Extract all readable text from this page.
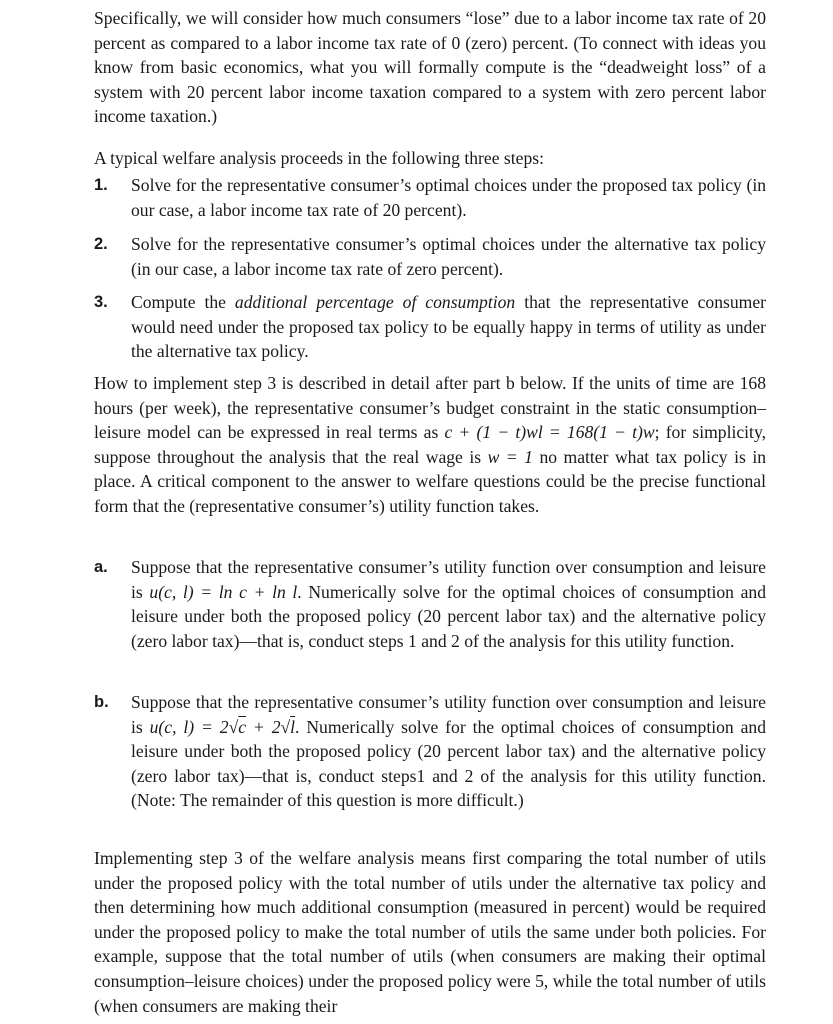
Specifically, we will consider how much consumers “lose” due to a labor income tax rate of 20 percent as compared to a labor income tax rate of 0 (zero) percent. (To connect with ideas you know from basic economics, what you will formally compute is the “deadweight loss” of a system with 20 percent labor income taxation compared to a system with zero percent labor income taxation.)

A typical welfare analysis proceeds in the following three steps:

1. Solve for the representative consumer’s optimal choices under the proposed tax policy (in our case, a labor income tax rate of 20 percent).
2. Solve for the representative consumer’s optimal choices under the alternative tax policy (in our case, a labor income tax rate of zero percent).
3. Compute the additional percentage of consumption that the representative consumer would need under the proposed tax policy to be equally happy in terms of utility as under the alternative tax policy.

How to implement step 3 is described in detail after part b below. If the units of time are 168 hours (per week), the representative consumer’s budget constraint in the static consumption–leisure model can be expressed in real terms as c + (1 − t)wl = 168(1 − t)w; for simplicity, suppose throughout the analysis that the real wage is w = 1 no matter what tax policy is in place. A critical component to the answer to welfare questions could be the precise functional form that the (representative consumer’s) utility function takes.

a. Suppose that the representative consumer’s utility function over consumption and leisure is u(c, l) = ln c + ln l. Numerically solve for the optimal choices of consumption and leisure under both the proposed policy (20 percent labor tax) and the alternative policy (zero labor tax)—that is, conduct steps 1 and 2 of the analysis for this utility function.
b. Suppose that the representative consumer’s utility function over consumption and leisure is u(c, l) = 2√c + 2√l. Numerically solve for the optimal choices of consumption and leisure under both the proposed policy (20 percent labor tax) and the alternative policy (zero labor tax)—that is, conduct steps1 and 2 of the analysis for this utility function. (Note: The remainder of this question is more difficult.)

Implementing step 3 of the welfare analysis means first comparing the total number of utils under the proposed policy with the total number of utils under the alternative tax policy and then determining how much additional consumption (measured in percent) would be required under the proposed policy to make the total number of utils the same under both policies. For example, suppose that the total number of utils (when consumers are making their optimal consumption–leisure choices) under the proposed policy were 5, while the total number of utils (when consumers are making their
